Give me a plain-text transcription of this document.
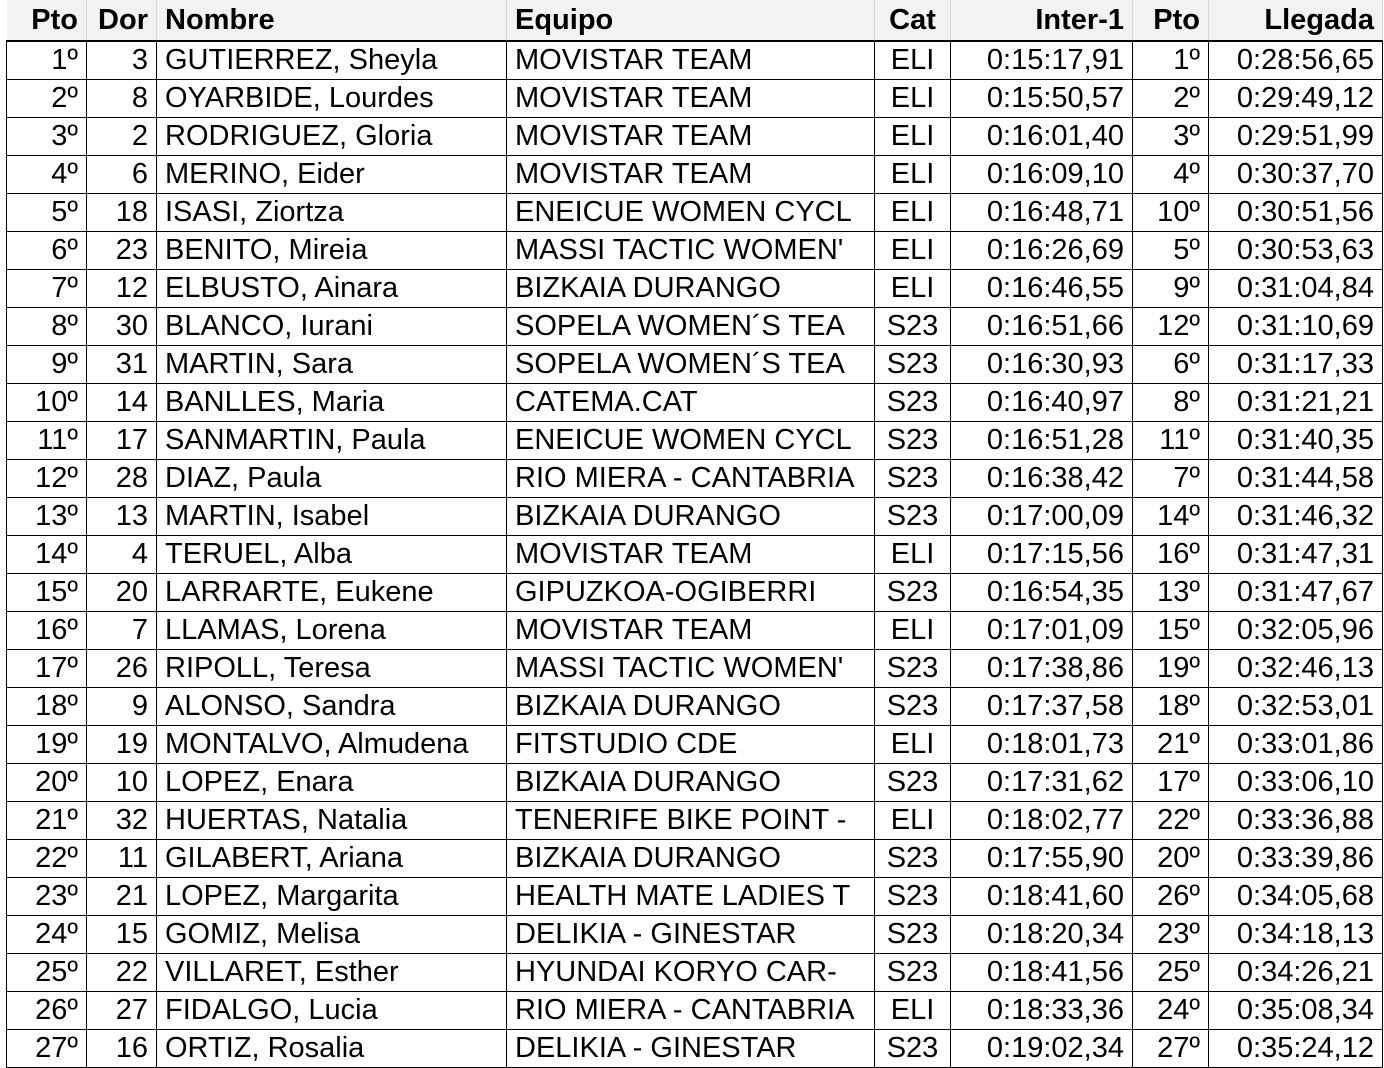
Pto	Dor	Nombre	Equipo	Cat	Inter-1	Pto	Llegada
1º	3	GUTIERREZ, Sheyla	MOVISTAR TEAM	ELI	0:15:17,91	1º	0:28:56,65
2º	8	OYARBIDE, Lourdes	MOVISTAR TEAM	ELI	0:15:50,57	2º	0:29:49,12
3º	2	RODRIGUEZ, Gloria	MOVISTAR TEAM	ELI	0:16:01,40	3º	0:29:51,99
4º	6	MERINO, Eider	MOVISTAR TEAM	ELI	0:16:09,10	4º	0:30:37,70
5º	18	ISASI, Ziortza	ENEICUE WOMEN CYCL	ELI	0:16:48,71	10º	0:30:51,56
6º	23	BENITO, Mireia	MASSI TACTIC WOMEN'	ELI	0:16:26,69	5º	0:30:53,63
7º	12	ELBUSTO, Ainara	BIZKAIA DURANGO	ELI	0:16:46,55	9º	0:31:04,84
8º	30	BLANCO, Iurani	SOPELA WOMEN´S TEA	S23	0:16:51,66	12º	0:31:10,69
9º	31	MARTIN, Sara	SOPELA WOMEN´S TEA	S23	0:16:30,93	6º	0:31:17,33
10º	14	BANLLES, Maria	CATEMA.CAT	S23	0:16:40,97	8º	0:31:21,21
11º	17	SANMARTIN, Paula	ENEICUE WOMEN CYCL	S23	0:16:51,28	11º	0:31:40,35
12º	28	DIAZ, Paula	RIO MIERA - CANTABRIA	S23	0:16:38,42	7º	0:31:44,58
13º	13	MARTIN, Isabel	BIZKAIA DURANGO	S23	0:17:00,09	14º	0:31:46,32
14º	4	TERUEL, Alba	MOVISTAR TEAM	ELI	0:17:15,56	16º	0:31:47,31
15º	20	LARRARTE, Eukene	GIPUZKOA-OGIBERRI	S23	0:16:54,35	13º	0:31:47,67
16º	7	LLAMAS, Lorena	MOVISTAR TEAM	ELI	0:17:01,09	15º	0:32:05,96
17º	26	RIPOLL, Teresa	MASSI TACTIC WOMEN'	S23	0:17:38,86	19º	0:32:46,13
18º	9	ALONSO, Sandra	BIZKAIA DURANGO	S23	0:17:37,58	18º	0:32:53,01
19º	19	MONTALVO, Almudena	FITSTUDIO CDE	ELI	0:18:01,73	21º	0:33:01,86
20º	10	LOPEZ, Enara	BIZKAIA DURANGO	S23	0:17:31,62	17º	0:33:06,10
21º	32	HUERTAS, Natalia	TENERIFE BIKE POINT -	ELI	0:18:02,77	22º	0:33:36,88
22º	11	GILABERT, Ariana	BIZKAIA DURANGO	S23	0:17:55,90	20º	0:33:39,86
23º	21	LOPEZ, Margarita	HEALTH MATE LADIES T	S23	0:18:41,60	26º	0:34:05,68
24º	15	GOMIZ, Melisa	DELIKIA - GINESTAR	S23	0:18:20,34	23º	0:34:18,13
25º	22	VILLARET, Esther	HYUNDAI KORYO CAR-	S23	0:18:41,56	25º	0:34:26,21
26º	27	FIDALGO, Lucia	RIO MIERA - CANTABRIA	ELI	0:18:33,36	24º	0:35:08,34
27º	16	ORTIZ, Rosalia	DELIKIA - GINESTAR	S23	0:19:02,34	27º	0:35:24,12
